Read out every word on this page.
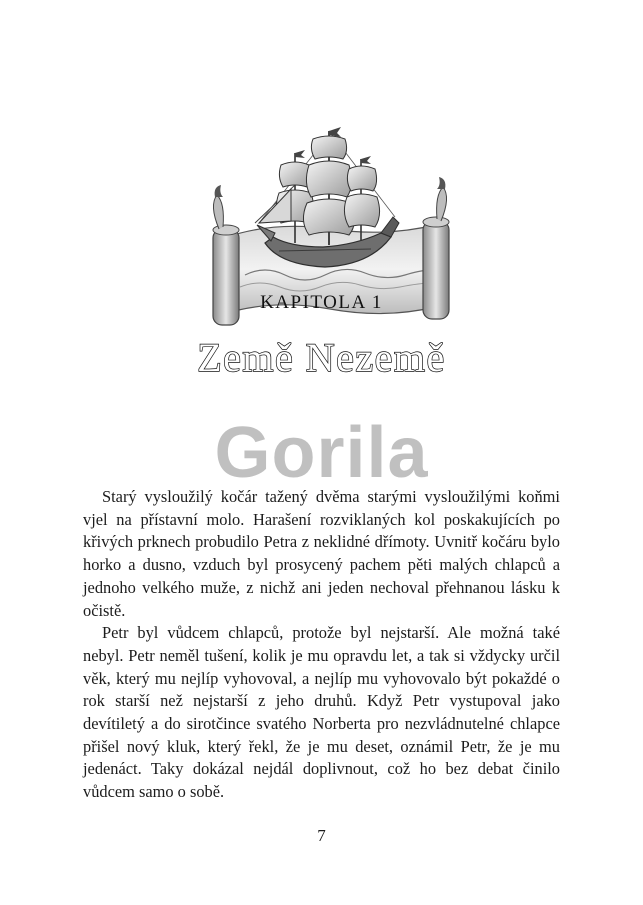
KAPITOLA 1
Země Nezemě
Gorila

Starý vysloužilý kočár tažený dvěma starými vysloužilými koňmi vjel na přístavní molo. Harašení rozviklaných kol poskakujících po křivých prknech probudilo Petra z neklidné dřímoty. Uvnitř kočáru bylo horko a dusno, vzduch byl prosycený pachem pěti malých chlapců a jednoho velkého muže, z nichž ani jeden nechoval přehnanou lásku k očistě.

Petr byl vůdcem chlapců, protože byl nejstarší. Ale možná také nebyl. Petr neměl tušení, kolik je mu opravdu let, a tak si vždycky určil věk, který mu nejlíp vyhovoval, a nejlíp mu vyhovovalo být pokaždé o rok starší než nejstarší z jeho druhů. Když Petr vystupoval jako devítiletý a do sirotčince svatého Norberta pro nezvládnutelné chlapce přišel nový kluk, který řekl, že je mu deset, oznámil Petr, že je mu jedenáct. Taky dokázal nejdál doplivnout, což ho bez debat činilo vůdcem samo o sobě.

7
